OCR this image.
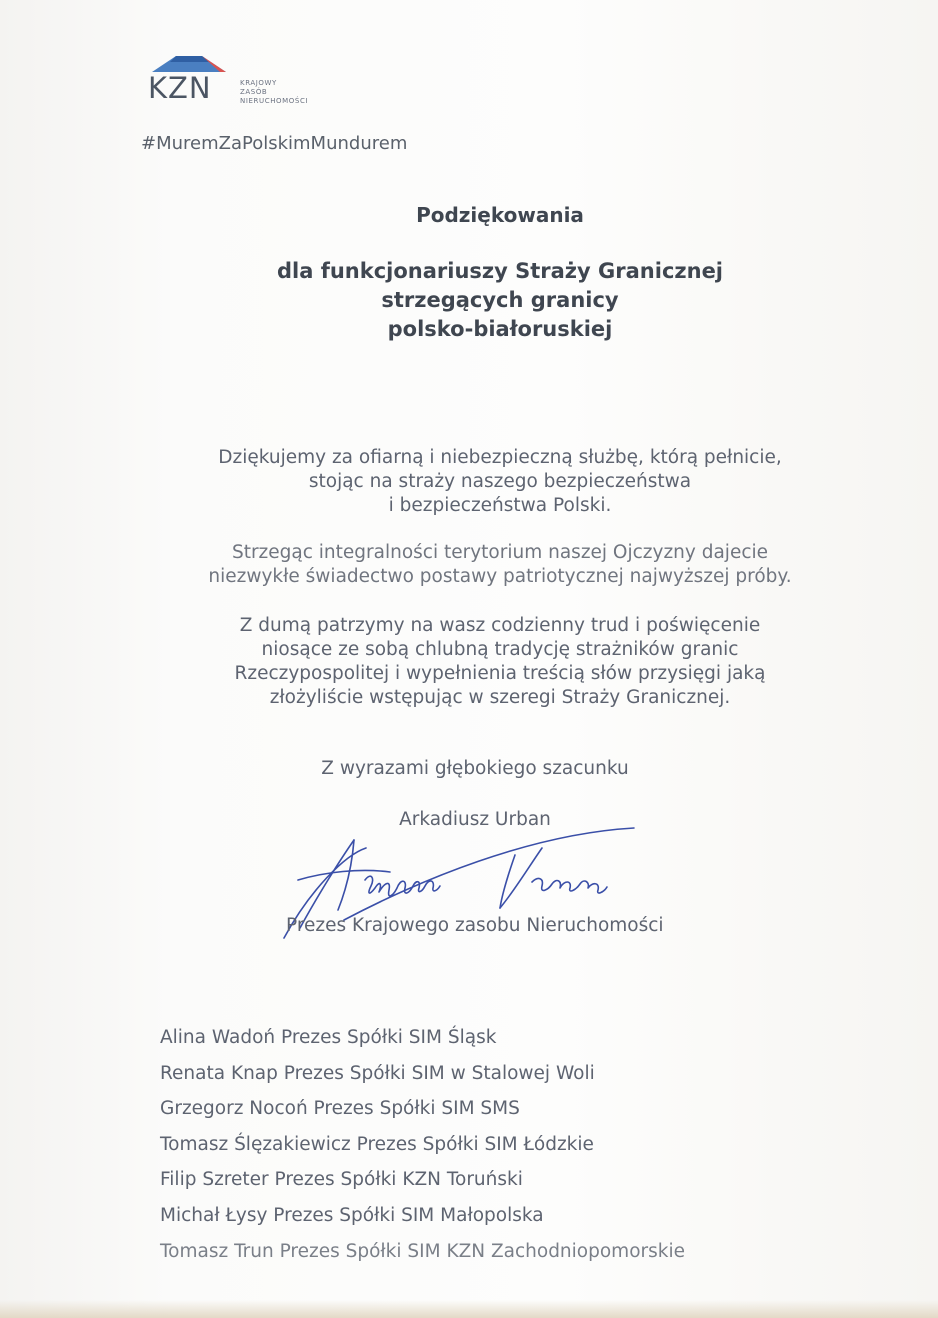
KZN	KRAJOWY
ZASÓB
NIERUCHOMOŚCI
#MuremZaPolskimMundurem
Podziękowania
dla funkcjonariuszy Straży Granicznej
strzegących granicy
polsko-białoruskiej
Dziękujemy za ofiarną i niebezpieczną służbę, którą pełnicie,
stojąc na straży naszego bezpieczeństwa
i bezpieczeństwa Polski.
Strzegąc integralności terytorium naszej Ojczyzny dajecie
niezwykłe świadectwo postawy patriotycznej najwyższej próby.
Z dumą patrzymy na wasz codzienny trud i poświęcenie
niosące ze sobą chlubną tradycję strażników granic
Rzeczypospolitej i wypełnienia treścią słów przysięgi jaką
złożyliście wstępując w szeregi Straży Granicznej.
Z wyrazami głębokiego szacunku
Arkadiusz Urban
Prezes Krajowego zasobu Nieruchomości
Alina Wadoń Prezes Spółki SIM Śląsk
Renata Knap Prezes Spółki SIM w Stalowej Woli
Grzegorz Nocoń Prezes Spółki SIM SMS
Tomasz Ślęzakiewicz Prezes Spółki SIM Łódzkie
Filip Szreter Prezes Spółki KZN Toruński
Michał Łysy Prezes Spółki SIM Małopolska
Tomasz Trun Prezes Spółki SIM KZN Zachodniopomorskie
